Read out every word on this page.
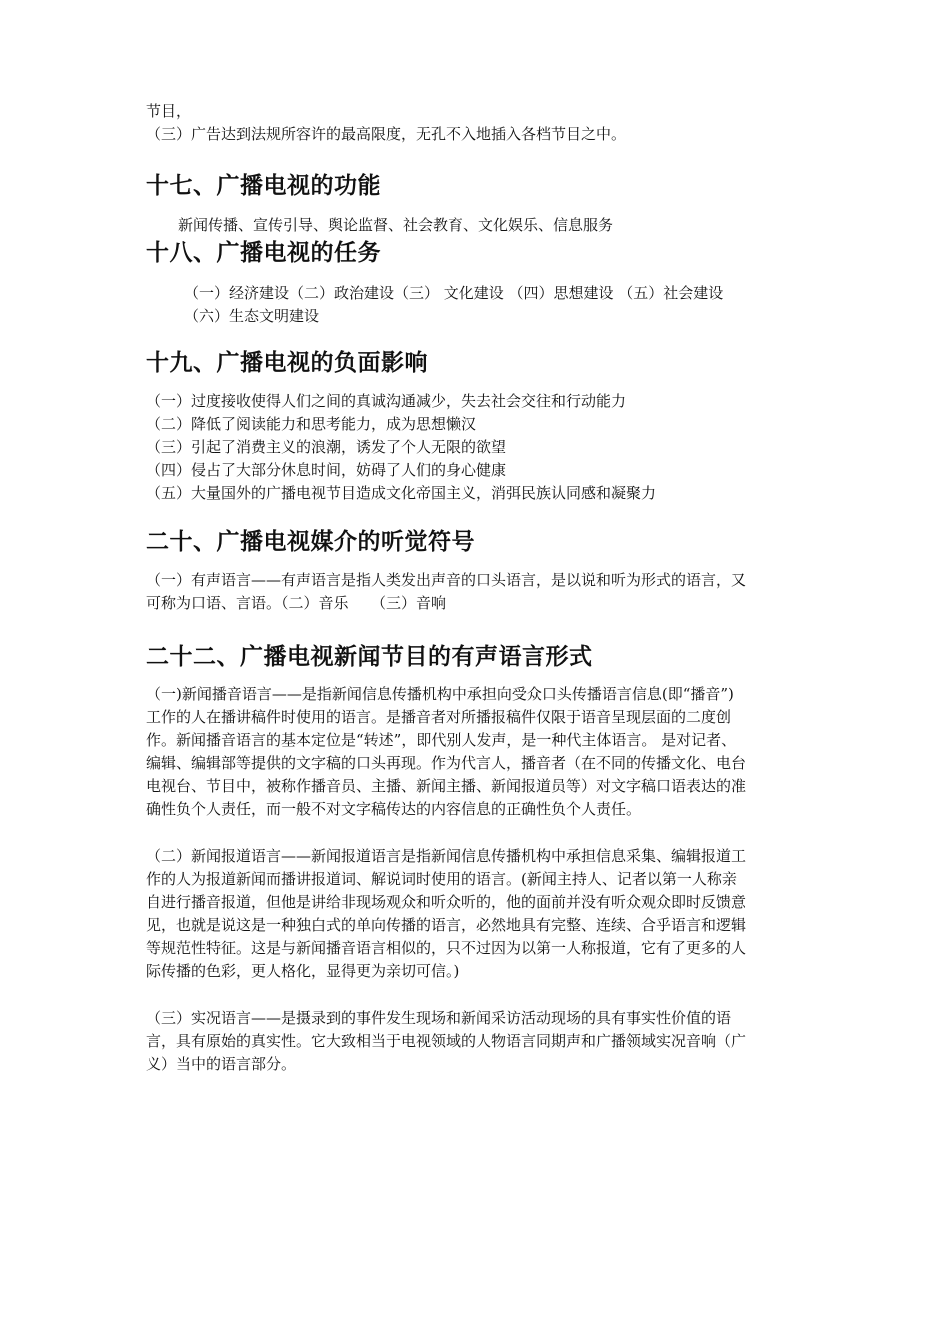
节目，

（三）广告达到法规所容许的最高限度，无孔不入地插入各档节目之中。

十七、广播电视的功能

新闻传播、宣传引导、舆论监督、社会教育、文化娱乐、信息服务

十八、广播电视的任务

（一）经济建设（二）政治建设（三） 文化建设 （四）思想建设 （五）社会建设

（六）生态文明建设

十九、广播电视的负面影响

（一）过度接收使得人们之间的真诚沟通减少，失去社会交往和行动能力

（二）降低了阅读能力和思考能力，成为思想懒汉

（三）引起了消费主义的浪潮，诱发了个人无限的欲望

（四）侵占了大部分休息时间，妨碍了人们的身心健康

（五）大量国外的广播电视节目造成文化帝国主义，消弭民族认同感和凝聚力

二十、广播电视媒介的听觉符号

（一）有声语言——有声语言是指人类发出声音的口头语言，是以说和听为形式的语言，又

可称为口语、言语。（二）音乐　　（三）音响

二十二、广播电视新闻节目的有声语言形式

（一)新闻播音语言——是指新闻信息传播机构中承担向受众口头传播语言信息(即“播音”)

工作的人在播讲稿件时使用的语言。是播音者对所播报稿件仅限于语音呈现层面的二度创

作。新闻播音语言的基本定位是“转述”，即代别人发声，是一种代主体语言。 是对记者、

编辑、编辑部等提供的文字稿的口头再现。作为代言人，播音者（在不同的传播文化、电台

电视台、节目中，被称作播音员、主播、新闻主播、新闻报道员等）对文字稿口语表达的准

确性负个人责任，而一般不对文字稿传达的内容信息的正确性负个人责任。

（二）新闻报道语言——新闻报道语言是指新闻信息传播机构中承担信息采集、编辑报道工

作的人为报道新闻而播讲报道词、解说词时使用的语言。(新闻主持人、记者以第一人称亲

自进行播音报道，但他是讲给非现场观众和听众听的，他的面前并没有听众观众即时反馈意

见，也就是说这是一种独白式的单向传播的语言，必然地具有完整、连续、合乎语言和逻辑

等规范性特征。这是与新闻播音语言相似的，只不过因为以第一人称报道，它有了更多的人

际传播的色彩，更人格化，显得更为亲切可信。)

（三）实况语言——是摄录到的事件发生现场和新闻采访活动现场的具有事实性价值的语

言，具有原始的真实性。它大致相当于电视领域的人物语言同期声和广播领域实况音响（广

义）当中的语言部分。
